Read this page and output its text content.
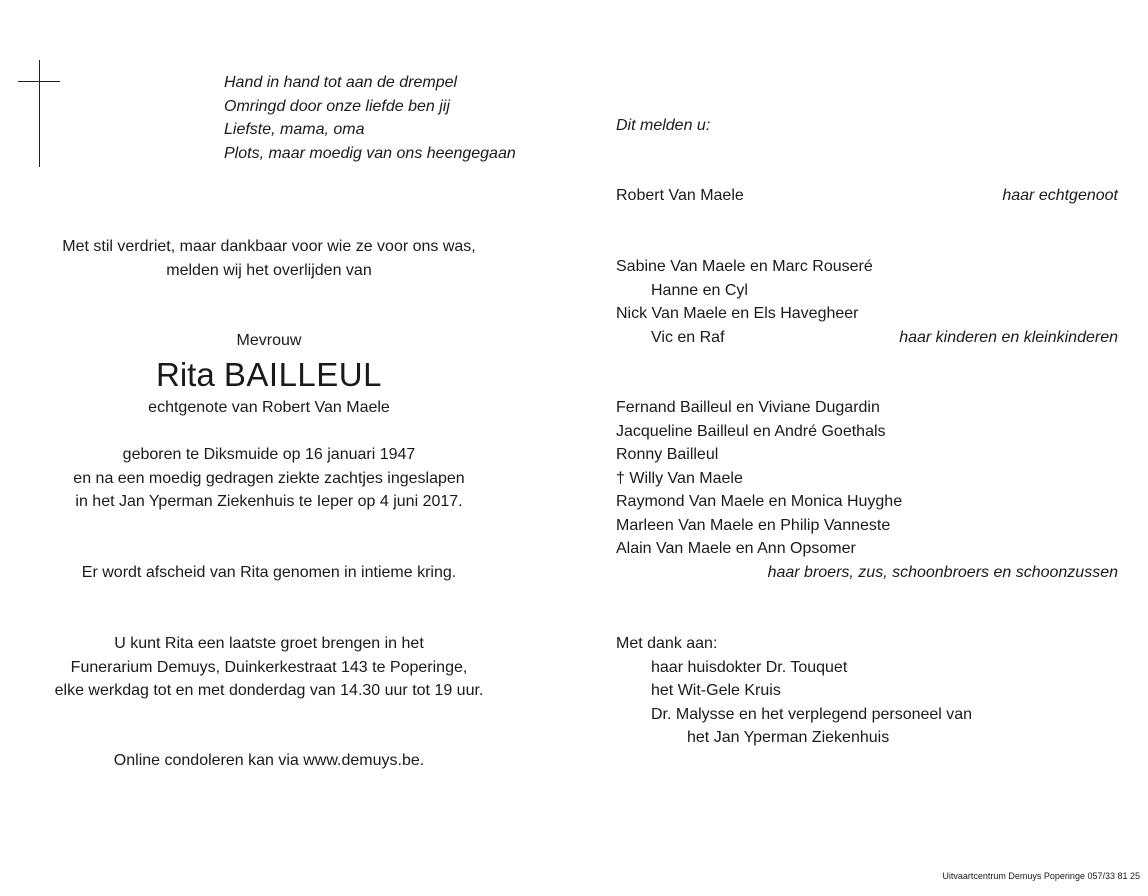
Hand in hand tot aan de drempel
Omringd door onze liefde ben jij
Liefste, mama, oma
Plots, maar moedig van ons heengegaan
Met stil verdriet, maar dankbaar voor wie ze voor ons was,
melden wij het overlijden van
Mevrouw
Rita BAILLEUL
echtgenote van Robert Van Maele
geboren te Diksmuide op 16 januari 1947
en na een moedig gedragen ziekte zachtjes ingeslapen
in het Jan Yperman Ziekenhuis te Ieper op 4 juni 2017.
Er wordt afscheid van Rita genomen in intieme kring.
U kunt Rita een laatste groet brengen in het
Funerarium Demuys, Duinkerkestraat 143 te Poperinge,
elke werkdag tot en met donderdag van 14.30 uur tot 19 uur.
Online condoleren kan via www.demuys.be.
Dit melden u:
Robert Van Maele	haar echtgenoot
Sabine Van Maele en Marc Rouseré
Hanne en Cyl
Nick Van Maele en Els Havegheer
Vic en Raf	haar kinderen en kleinkinderen
Fernand Bailleul en Viviane Dugardin
Jacqueline Bailleul en André Goethals
Ronny Bailleul
† Willy Van Maele
Raymond Van Maele en Monica Huyghe
Marleen Van Maele en Philip Vanneste
Alain Van Maele en Ann Opsomer
haar broers, zus, schoonbroers en schoonzussen
Met dank aan:
haar huisdokter Dr. Touquet
het Wit-Gele Kruis
Dr. Malysse en het verplegend personeel van
het Jan Yperman Ziekenhuis
Uitvaartcentrum Demuys Poperinge 057/33 81 25
